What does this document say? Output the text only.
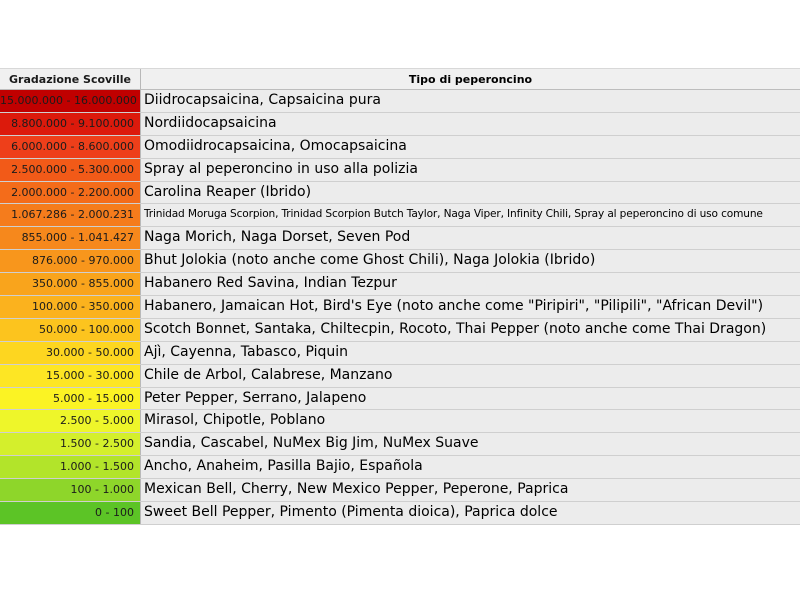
Gradazione Scoville	Tipo di peperoncino
15.000.000 - 16.000.000 Diidrocapsaicina, Capsaicina pura
8.800.000 - 9.100.000 Nordiidocapsaicina
6.000.000 - 8.600.000 Omodiidrocapsaicina, Omocapsaicina
2.500.000 - 5.300.000 Spray al peperoncino in uso alla polizia
2.000.000 - 2.200.000 Carolina Reaper (Ibrido)
1.067.286 - 2.000.231 Trinidad Moruga Scorpion, Trinidad Scorpion Butch Taylor, Naga Viper, Infinity Chili, Spray al peperoncino di uso comune
855.000 - 1.041.427 Naga Morich, Naga Dorset, Seven Pod
876.000 - 970.000 Bhut Jolokia (noto anche come Ghost Chili), Naga Jolokia (Ibrido)
350.000 - 855.000 Habanero Red Savina, Indian Tezpur
100.000 - 350.000 Habanero, Jamaican Hot, Bird's Eye (noto anche come "Piripiri", "Pilipili", "African Devil")
50.000 - 100.000 Scotch Bonnet, Santaka, Chiltecpin, Rocoto, Thai Pepper (noto anche come Thai Dragon)
30.000 - 50.000 Ajì, Cayenna, Tabasco, Piquin
15.000 - 30.000 Chile de Arbol, Calabrese, Manzano
5.000 - 15.000 Peter Pepper, Serrano, Jalapeno
2.500 - 5.000 Mirasol, Chipotle, Poblano
1.500 - 2.500 Sandia, Cascabel, NuMex Big Jim, NuMex Suave
1.000 - 1.500 Ancho, Anaheim, Pasilla Bajio, Española
100 - 1.000 Mexican Bell, Cherry, New Mexico Pepper, Peperone, Paprica
0 - 100 Sweet Bell Pepper, Pimento (Pimenta dioica), Paprica dolce
